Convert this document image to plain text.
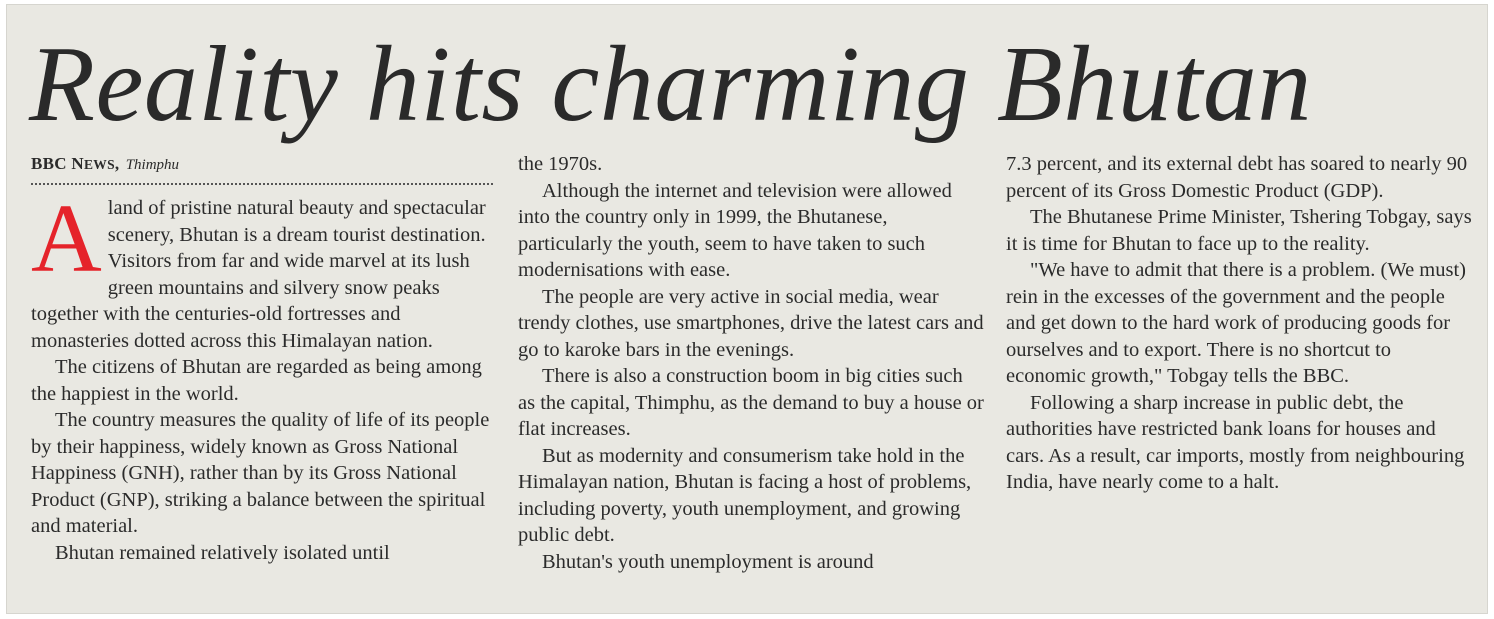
Reality hits charming Bhutan
BBC NEWS, Thimphu

Aland of pristine natural beauty and spectacular scenery, Bhutan is a dream tourist destination. Visitors from far and wide marvel at its lush green mountains and silvery snow peaks together with the centuries-old fortresses and monasteries dotted across this Himalayan nation.

The citizens of Bhutan are regarded as being among the happiest in the world.

The country measures the quality of life of its people by their happiness, widely known as Gross National Happiness (GNH), rather than by its Gross National Product (GNP), striking a balance between the spiritual and material.

Bhutan remained relatively isolated until

the 1970s.

Although the internet and television were allowed into the country only in 1999, the Bhutanese, particularly the youth, seem to have taken to such modernisations with ease.

The people are very active in social media, wear trendy clothes, use smartphones, drive the latest cars and go to karoke bars in the evenings.

There is also a construction boom in big cities such as the capital, Thimphu, as the demand to buy a house or flat increases.

But as modernity and consumerism take hold in the Himalayan nation, Bhutan is facing a host of problems, including poverty, youth unemployment, and growing public debt.

Bhutan's youth unemployment is around

7.3 percent, and its external debt has soared to nearly 90 percent of its Gross Domestic Product (GDP).

The Bhutanese Prime Minister, Tshering Tobgay, says it is time for Bhutan to face up to the reality.

"We have to admit that there is a problem. (We must) rein in the excesses of the government and the people and get down to the hard work of producing goods for ourselves and to export. There is no shortcut to economic growth," Tobgay tells the BBC.

Following a sharp increase in public debt, the authorities have restricted bank loans for houses and cars. As a result, car imports, mostly from neighbouring India, have nearly come to a halt.
